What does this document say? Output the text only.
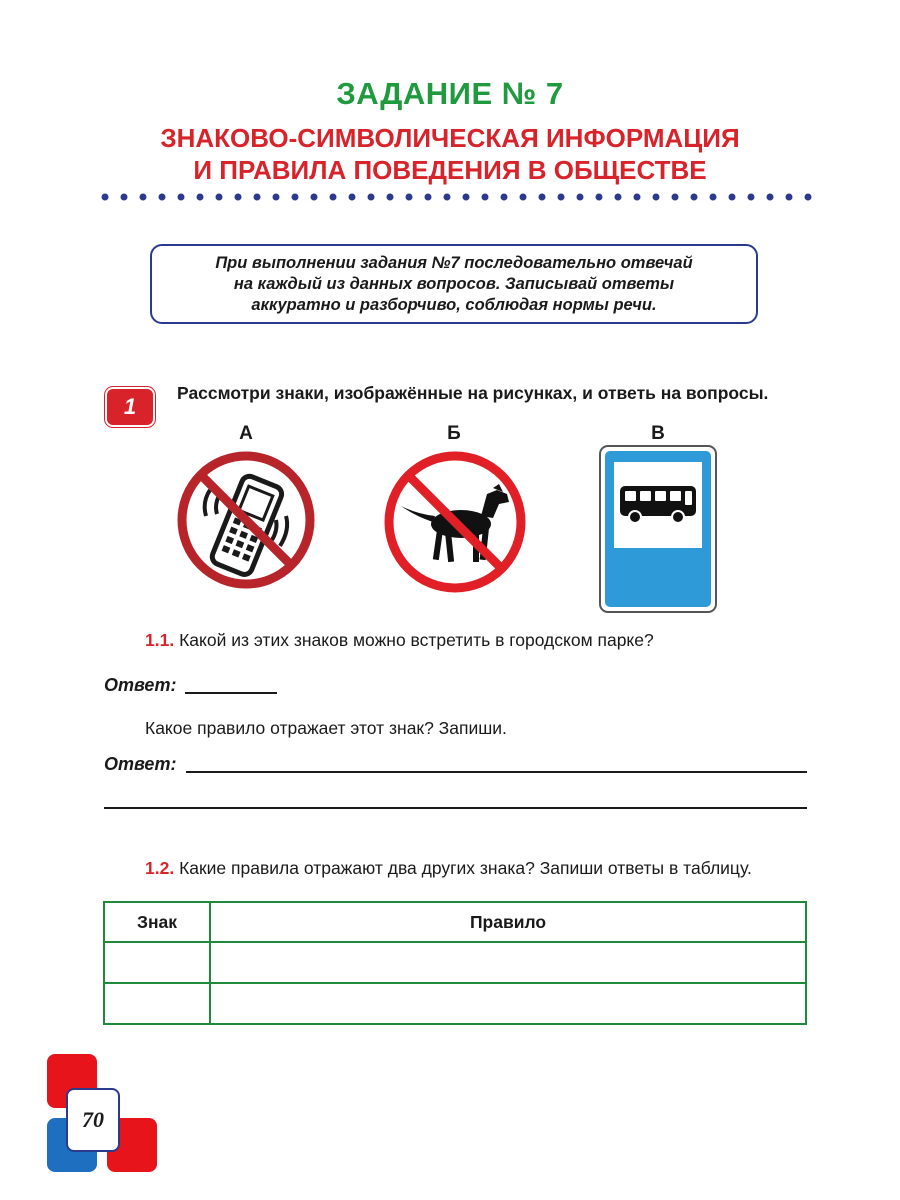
ЗАДАНИЕ № 7
ЗНАКОВО-СИМВОЛИЧЕСКАЯ ИНФОРМАЦИЯ
И ПРАВИЛА ПОВЕДЕНИЯ В ОБЩЕСТВЕ
При выполнении задания №7 последовательно отвечай
на каждый из данных вопросов. Записывай ответы
аккуратно и разборчиво, соблюдая нормы речи.
1
Рассмотри знаки, изображённые на рисунках, и ответь на вопросы.
А	Б	В
1.1. Какой из этих знаков можно встретить в городском парке?
Ответ:
Какое правило отражает этот знак? Запиши.
Ответ:
1.2. Какие правила отражают два других знака? Запиши ответы в таблицу.
Знак	Правило

70
